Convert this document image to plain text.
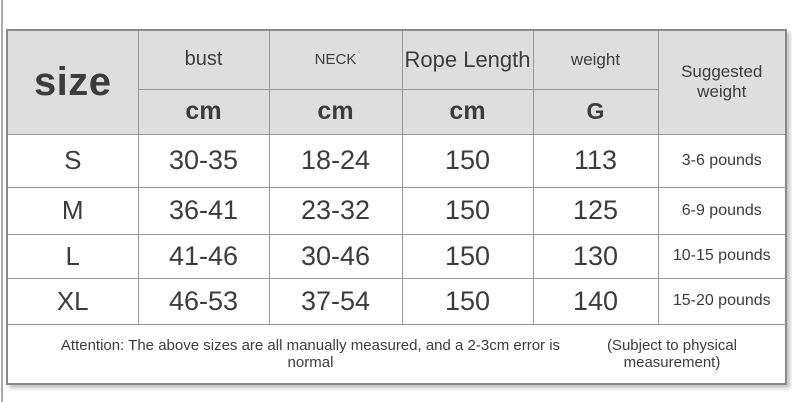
size	bust	NECK	Rope Length	weight	Suggested weight
	cm	cm	cm	G	
S	30-35	18-24	150	113	3-6 pounds
M	36-41	23-32	150	125	6-9 pounds
L	41-46	30-46	150	130	10-15 pounds
XL	46-53	37-54	150	140	15-20 pounds

Attention: The above sizes are all manually measured, and a 2-3cm error is normal
(Subject to physical measurement)					
